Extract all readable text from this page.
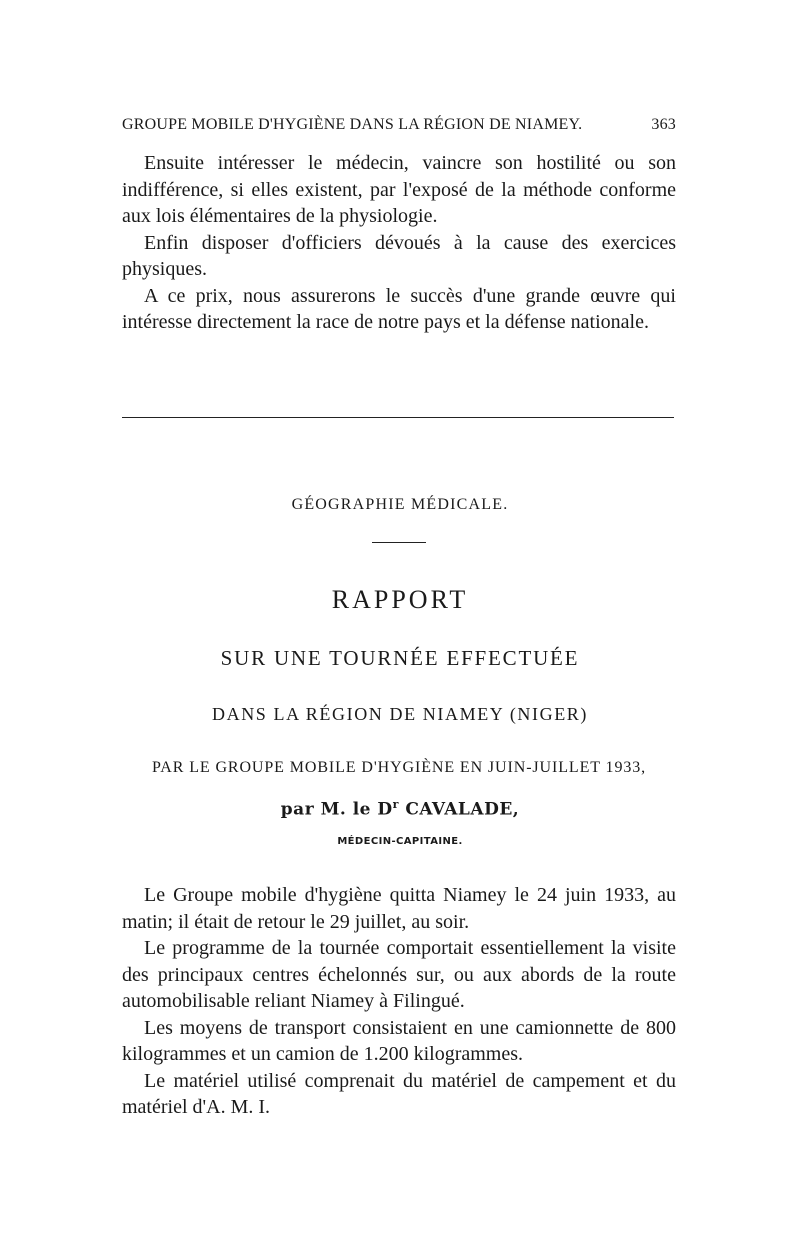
GROUPE MOBILE D'HYGIÈNE DANS LA RÉGION DE NIAMEY.	363

Ensuite intéresser le médecin, vaincre son hostilité ou son indifférence, si elles existent, par l'exposé de la méthode conforme aux lois élémentaires de la physiologie.

Enfin disposer d'officiers dévoués à la cause des exercices physiques.

A ce prix, nous assurerons le succès d'une grande œuvre qui intéresse directement la race de notre pays et la défense nationale.

GÉOGRAPHIE MÉDICALE.
RAPPORT
SUR UNE TOURNÉE EFFECTUÉE
DANS LA RÉGION DE NIAMEY (NIGER)
PAR LE GROUPE MOBILE D'HYGIÈNE EN JUIN-JUILLET 1933,
par M. le $D^r$ CAVALADE,
MÉDECIN-CAPITAINE.

Le Groupe mobile d'hygiène quitta Niamey le 24 juin 1933, au matin; il était de retour le 29 juillet, au soir.

Le programme de la tournée comportait essentiellement la visite des principaux centres échelonnés sur, ou aux abords de la route automobilisable reliant Niamey à Filingué.

Les moyens de transport consistaient en une camionnette de 800 kilogrammes et un camion de 1.200 kilogrammes.

Le matériel utilisé comprenait du matériel de campement et du matériel d'A. M. I.
